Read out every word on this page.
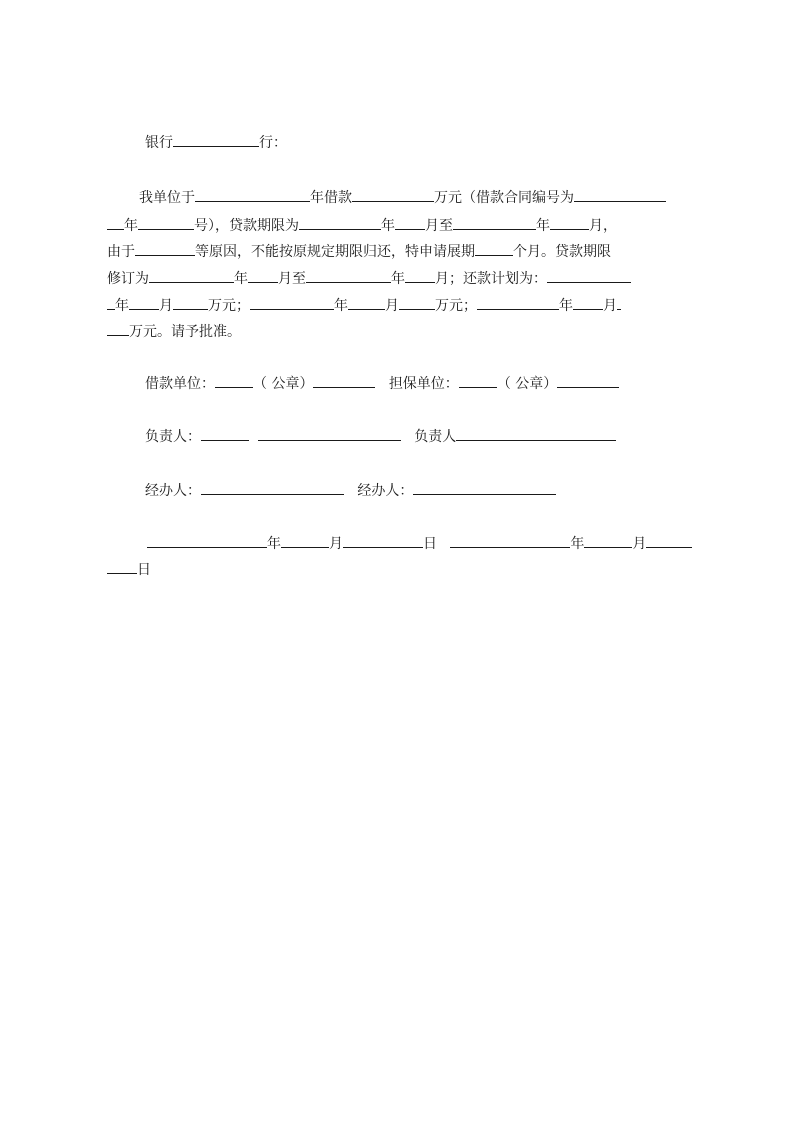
银行	行：
我单位于	年借款	万元（借款合同编号为
年	号），贷款期限为	年 月至	年	月，
由于	等原因，不能按原规定期限归还，特申请展期	个月。贷款期限
修订为	年 月至	年 月；还款计划为：
年 月	万元；	年	月	万元；	年 月
万元。请予批准。
借款单位：	（ 公章）	担保单位：	（ 公章）
负责人：	负责人
经办人：	经办人：
年	月	日	年	月
日
